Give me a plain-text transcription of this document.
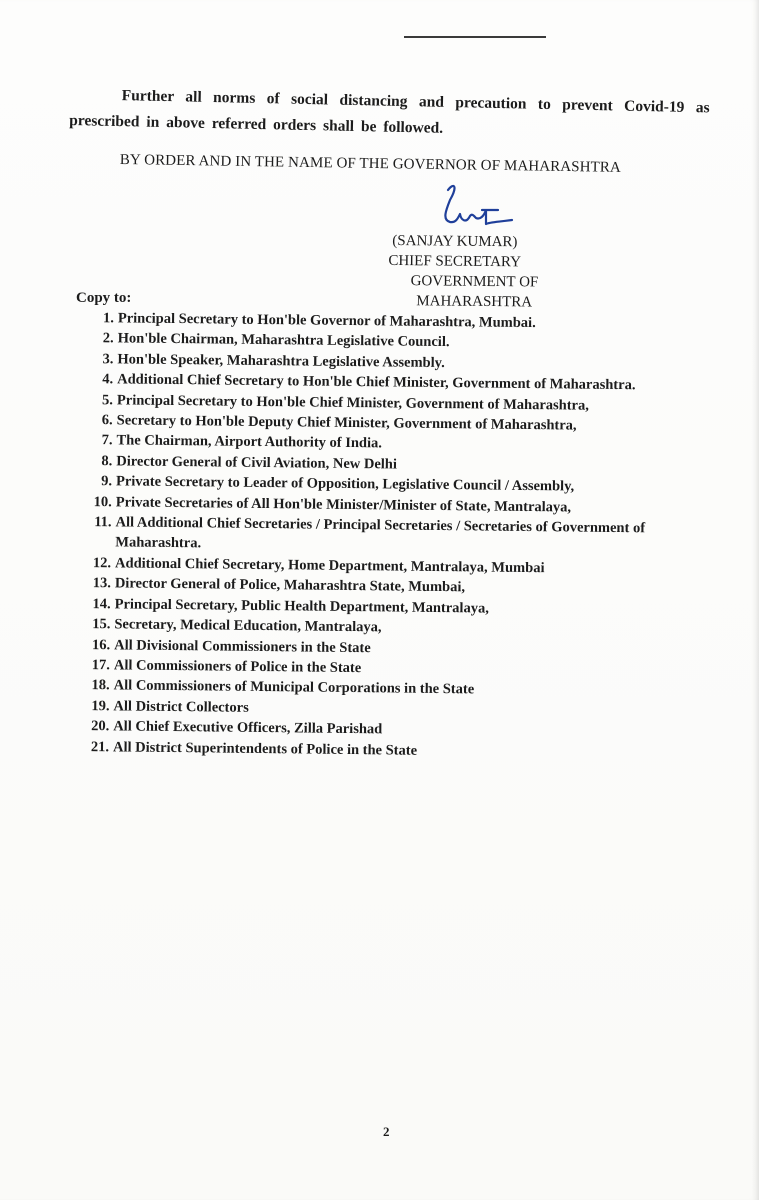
Further all norms of social distancing and precaution to prevent Covid-19 as prescribed in above referred orders shall be followed.
BY ORDER AND IN THE NAME OF THE GOVERNOR OF MAHARASHTRA
(SANJAY KUMAR)
CHIEF SECRETARY
GOVERNMENT OF MAHARASHTRA
Copy to:
1. Principal Secretary to Hon'ble Governor of Maharashtra, Mumbai.
2. Hon'ble Chairman, Maharashtra Legislative Council.
3. Hon'ble Speaker, Maharashtra Legislative Assembly.
4. Additional Chief Secretary to Hon'ble Chief Minister, Government of Maharashtra.
5. Principal Secretary to Hon'ble Chief Minister, Government of Maharashtra,
6. Secretary to Hon'ble Deputy Chief Minister, Government of Maharashtra,
7. The Chairman, Airport Authority of India.
8. Director General of Civil Aviation, New Delhi
9. Private Secretary to Leader of Opposition, Legislative Council / Assembly,
10. Private Secretaries of All Hon'ble Minister/Minister of State, Mantralaya,
11. All Additional Chief Secretaries / Principal Secretaries / Secretaries of Government of Maharashtra.
12. Additional Chief Secretary, Home Department, Mantralaya, Mumbai
13. Director General of Police, Maharashtra State, Mumbai,
14. Principal Secretary, Public Health Department, Mantralaya,
15. Secretary, Medical Education, Mantralaya,
16. All Divisional Commissioners in the State
17. All Commissioners of Police in the State
18. All Commissioners of Municipal Corporations in the State
19. All District Collectors
20. All Chief Executive Officers, Zilla Parishad
21. All District Superintendents of Police in the State
2
